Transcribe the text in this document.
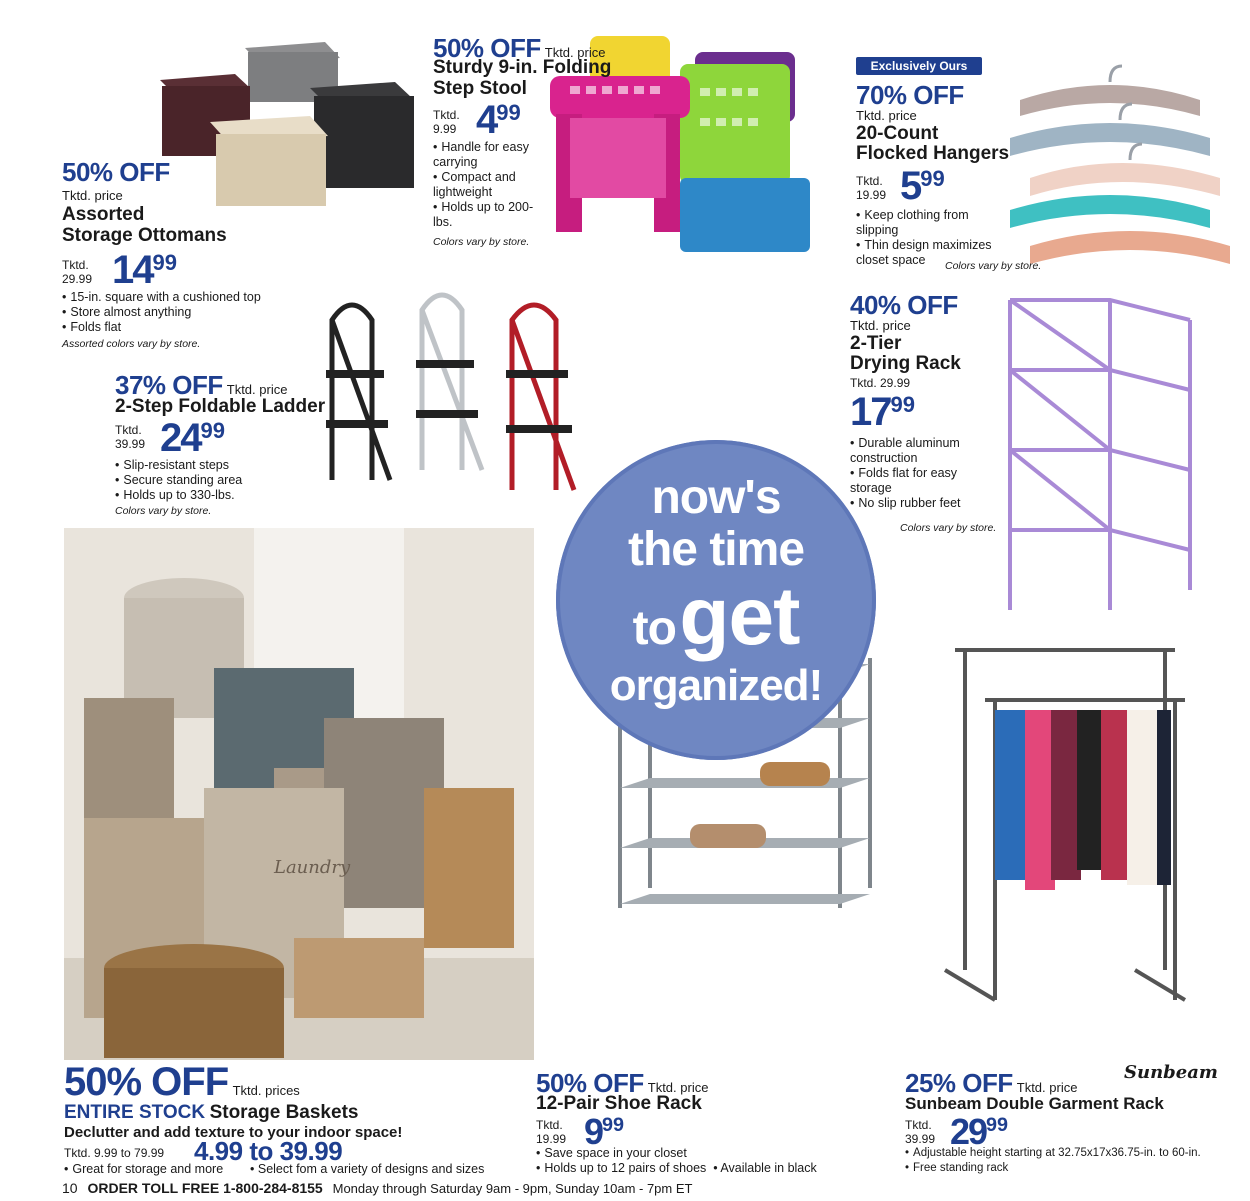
Laundry
50% OFF
Tktd. price
Assorted
Storage Ottomans
Tktd.
29.99 $14^{99}$
• 15-in. square with a cushioned top
• Store almost anything
• Folds flat
Assorted colors vary by store.
50% OFF Tktd. price
Sturdy 9-in. Folding
Step Stool
Tktd.
9.99 $4^{99}$
• Handle for easy carrying
• Compact and lightweight
• Holds up to 200-lbs.
Colors vary by store.
Exclusively Ours
70% OFF
Tktd. price
20-Count
Flocked Hangers
Tktd.
19.99 $5^{99}$
• Keep clothing from slipping
• Thin design maximizes closet space	Colors vary by store.
37% OFF Tktd. price
2-Step Foldable Ladder
Tktd.
39.99 $24^{99}$
• Slip-resistant steps
• Secure standing area
• Holds up to 330-lbs.
Colors vary by store.
40% OFF
Tktd. price
2-Tier
Drying Rack
Tktd. 29.99
$17^{99}$
• Durable aluminum construction
• Folds flat for easy storage
• No slip rubber feet
Colors vary by store.
now's
the time
to get
organized!
50% OFF Tktd. prices
ENTIRE STOCK Storage Baskets
Declutter and add texture to your indoor space!
Tktd. 9.99 to 79.99 4.99 to 39.99
• Great for storage and more	• Select fom a variety of designs and sizes
50% OFF Tktd. price
12-Pair Shoe Rack
Tktd.
19.99 $9^{99}$
• Save space in your closet
• Holds up to 12 pairs of shoes  • Available in black
Sunbeam
25% OFF Tktd. price
Sunbeam Double Garment Rack
Tktd.
39.99 $29^{99}$
• Adjustable height starting at 32.75x17x36.75-in. to 60-in.
• Free standing rack
10 ORDER TOLL FREE 1-800-284-8155 Monday through Saturday 9am - 9pm, Sunday 10am - 7pm ET
